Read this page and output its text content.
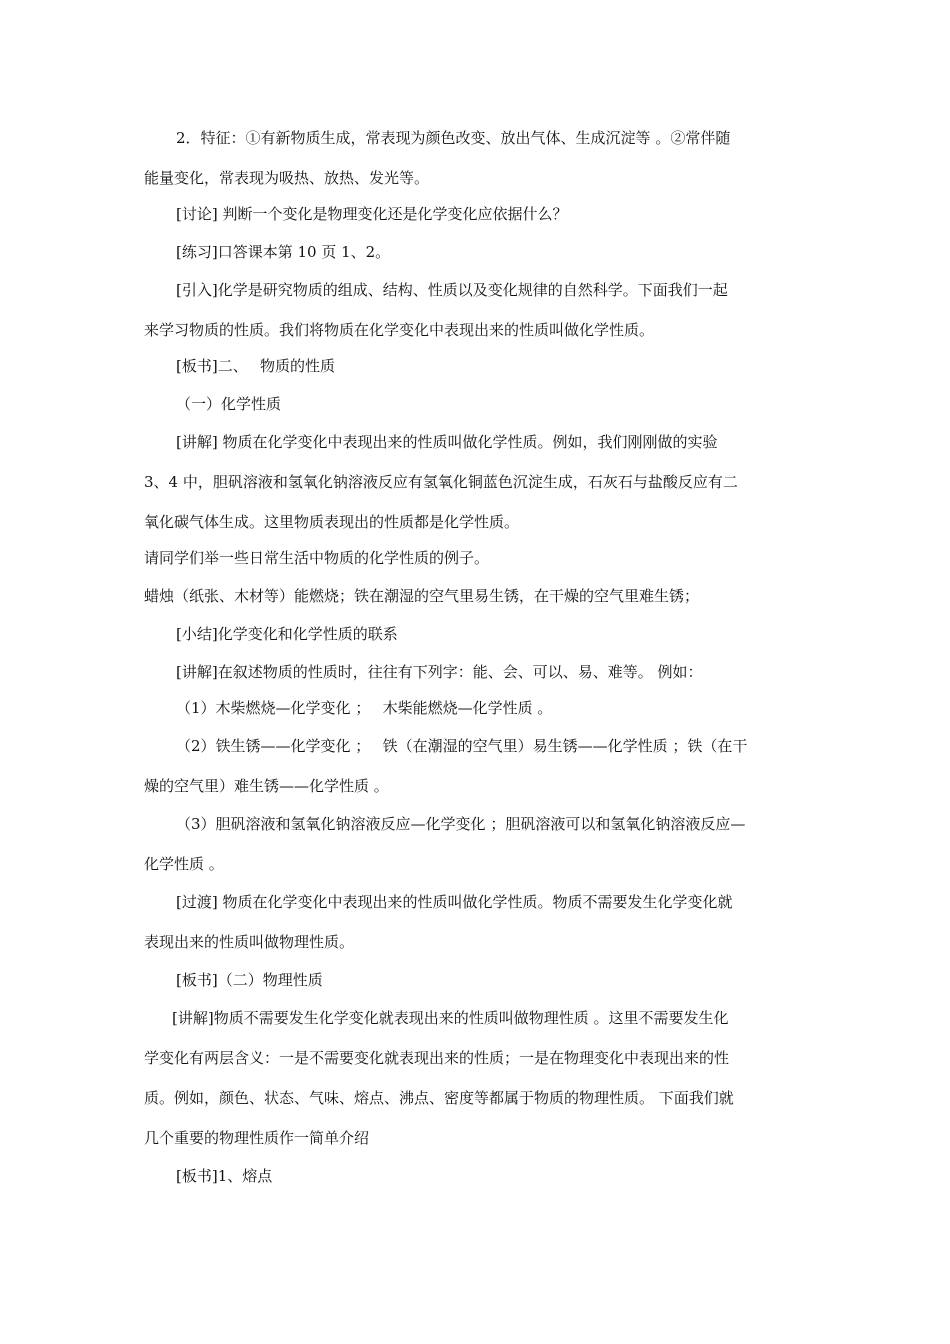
2．特征：①有新物质生成，常表现为颜色改变、放出气体、生成沉淀等 。②常伴随
能量变化，常表现为吸热、放热、发光等。
[讨论] 判断一个变化是物理变化还是化学变化应依据什么？
[练习]口答课本第 10 页 1、2。
[引入]化学是研究物质的组成、结构、性质以及变化规律的自然科学。下面我们一起
来学习物质的性质。我们将物质在化学变化中表现出来的性质叫做化学性质。
[板书]二、　 物质的性质
（一）化学性质
[讲解] 物质在化学变化中表现出来的性质叫做化学性质。例如，我们刚刚做的实验
3、4 中，胆矾溶液和氢氧化钠溶液反应有氢氧化铜蓝色沉淀生成，石灰石与盐酸反应有二
氧化碳气体生成。这里物质表现出的性质都是化学性质。
请同学们举一些日常生活中物质的化学性质的例子。
蜡烛（纸张、木材等）能燃烧；铁在潮湿的空气里易生锈，在干燥的空气里难生锈；
[小结]化学变化和化学性质的联系
[讲解]在叙述物质的性质时，往往有下列字：能、会、可以、易、难等。 例如：
（1）木柴燃烧—化学变化 ；　 木柴能燃烧—化学性质 。
（2）铁生锈——化学变化 ；　 铁（在潮湿的空气里）易生锈——化学性质 ；铁（在干
燥的空气里）难生锈——化学性质 。
（3）胆矾溶液和氢氧化钠溶液反应—化学变化 ；胆矾溶液可以和氢氧化钠溶液反应—
化学性质 。
[过渡] 物质在化学变化中表现出来的性质叫做化学性质。物质不需要发生化学变化就
表现出来的性质叫做物理性质。
[板书]（二）物理性质
[讲解]物质不需要发生化学变化就表现出来的性质叫做物理性质 。这里不需要发生化
学变化有两层含义：一是不需要变化就表现出来的性质；一是在物理变化中表现出来的性
质。例如，颜色、状态、气味、熔点、沸点、密度等都属于物质的物理性质。 下面我们就
几个重要的物理性质作一简单介绍
[板书]1、熔点
